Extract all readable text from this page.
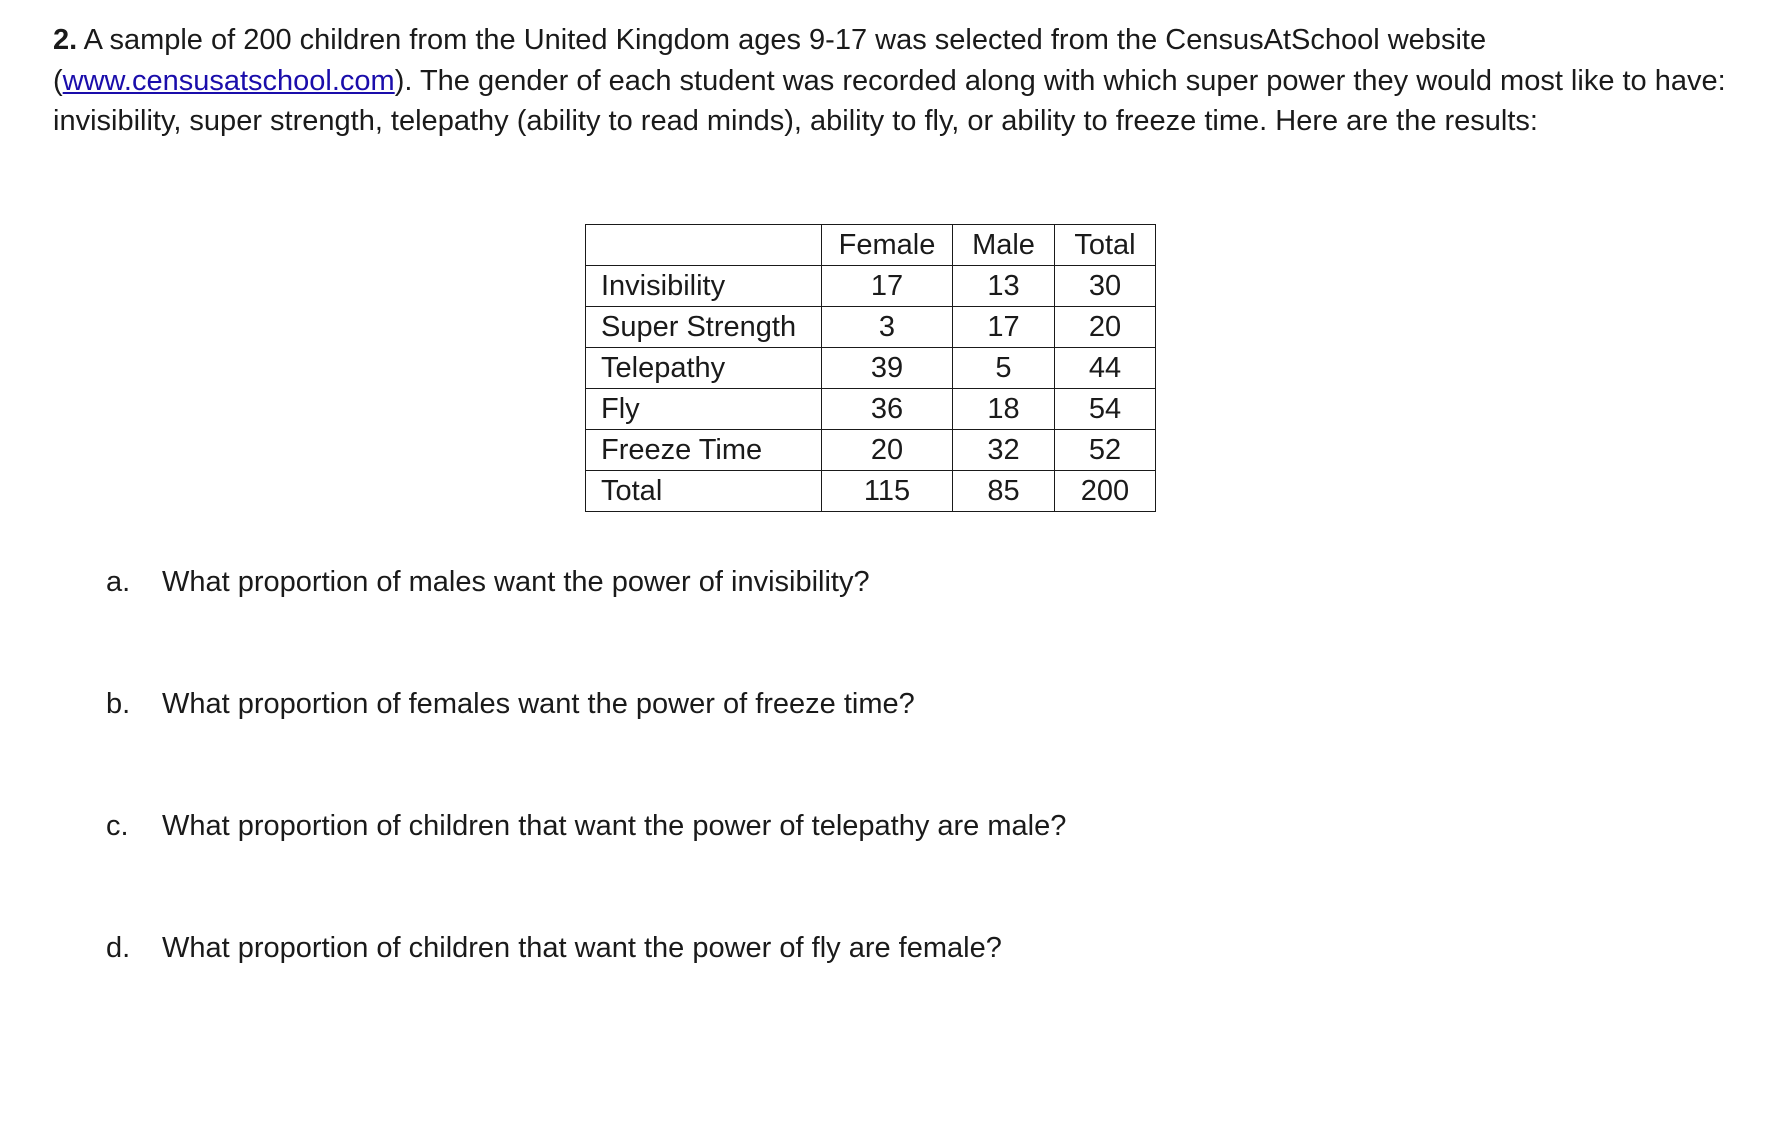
2. A sample of 200 children from the United Kingdom ages 9-17 was selected from the CensusAtSchool website (www.censusatschool.com). The gender of each student was recorded along with which super power they would most like to have: invisibility, super strength, telepathy (ability to read minds), ability to fly, or ability to freeze time. Here are the results:

	Female	Male	Total
Invisibility	17	13	30
Super Strength	3	17	20
Telepathy	39	5	44
Fly	36	18	54
Freeze Time	20	32	52
Total	115	85	200
a.	What proportion of males want the power of invisibility?
b.	What proportion of females want the power of freeze time?
c.	What proportion of children that want the power of telepathy are male?
d.	What proportion of children that want the power of fly are female?
